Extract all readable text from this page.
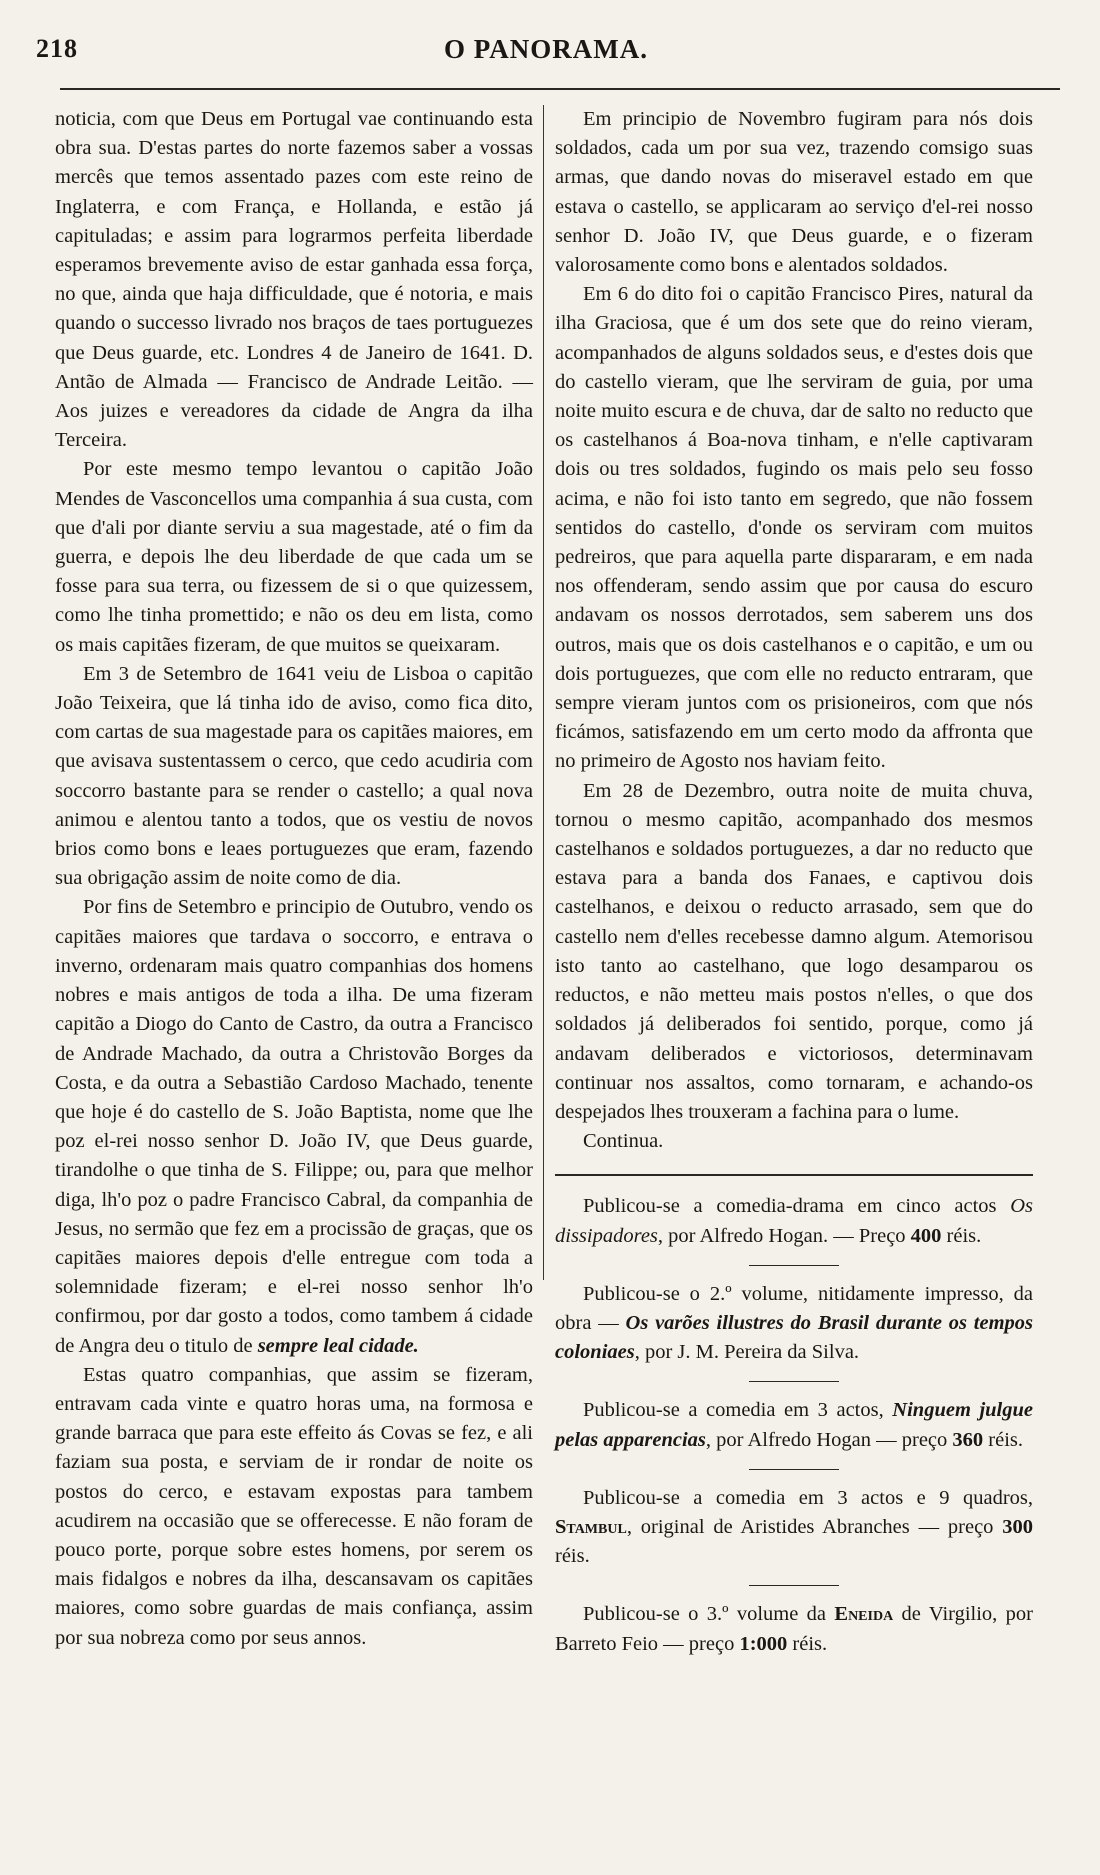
218	O PANORAMA.

noticia, com que Deus em Portugal vae continuando esta obra sua. D'estas partes do norte fazemos saber a vossas mercês que temos assentado pazes com este reino de Inglaterra, e com França, e Hollanda, e estão já capituladas; e assim para lograrmos perfeita liberdade esperamos brevemente aviso de estar ganhada essa força, no que, ainda que haja difficuldade, que é notoria, e mais quando o successo livrado nos braços de taes portuguezes que Deus guarde, etc. Londres 4 de Janeiro de 1641. D. Antão de Almada — Francisco de Andrade Leitão. — Aos juizes e vereadores da cidade de Angra da ilha Terceira.

Por este mesmo tempo levantou o capitão João Mendes de Vasconcellos uma companhia á sua custa, com que d'ali por diante serviu a sua magestade, até o fim da guerra, e depois lhe deu liberdade de que cada um se fosse para sua terra, ou fizessem de si o que quizessem, como lhe tinha promettido; e não os deu em lista, como os mais capitães fizeram, de que muitos se queixaram.

Em 3 de Setembro de 1641 veiu de Lisboa o capitão João Teixeira, que lá tinha ido de aviso, como fica dito, com cartas de sua magestade para os capitães maiores, em que avisava sustentassem o cerco, que cedo acudiria com soccorro bastante para se render o castello; a qual nova animou e alentou tanto a todos, que os vestiu de novos brios como bons e leaes portuguezes que eram, fazendo sua obrigação assim de noite como de dia.

Por fins de Setembro e principio de Outubro, vendo os capitães maiores que tardava o soccorro, e entrava o inverno, ordenaram mais quatro companhias dos homens nobres e mais antigos de toda a ilha. De uma fizeram capitão a Diogo do Canto de Castro, da outra a Francisco de Andrade Machado, da outra a Christovão Borges da Costa, e da outra a Sebastião Cardoso Machado, tenente que hoje é do castello de S. João Baptista, nome que lhe poz el-rei nosso senhor D. João IV, que Deus guarde, tirandolhe o que tinha de S. Filippe; ou, para que melhor diga, lh'o poz o padre Francisco Cabral, da companhia de Jesus, no sermão que fez em a procissão de graças, que os capitães maiores depois d'elle entregue com toda a solemnidade fizeram; e el-rei nosso senhor lh'o confirmou, por dar gosto a todos, como tambem á cidade de Angra deu o titulo de sempre leal cidade.

Estas quatro companhias, que assim se fizeram, entravam cada vinte e quatro horas uma, na formosa e grande barraca que para este effeito ás Covas se fez, e ali faziam sua posta, e serviam de ir rondar de noite os postos do cerco, e estavam expostas para tambem acudirem na occasião que se offerecesse. E não foram de pouco porte, porque sobre estes homens, por serem os mais fidalgos e nobres da ilha, descansavam os capitães maiores, como sobre guardas de mais confiança, assim por sua nobreza como por seus annos.

Em principio de Novembro fugiram para nós dois soldados, cada um por sua vez, trazendo comsigo suas armas, que dando novas do miseravel estado em que estava o castello, se applicaram ao serviço d'el-rei nosso senhor D. João IV, que Deus guarde, e o fizeram valorosamente como bons e alentados soldados.

Em 6 do dito foi o capitão Francisco Pires, natural da ilha Graciosa, que é um dos sete que do reino vieram, acompanhados de alguns soldados seus, e d'estes dois que do castello vieram, que lhe serviram de guia, por uma noite muito escura e de chuva, dar de salto no reducto que os castelhanos á Boa-nova tinham, e n'elle captivaram dois ou tres soldados, fugindo os mais pelo seu fosso acima, e não foi isto tanto em segredo, que não fossem sentidos do castello, d'onde os serviram com muitos pedreiros, que para aquella parte dispararam, e em nada nos offenderam, sendo assim que por causa do escuro andavam os nossos derrotados, sem saberem uns dos outros, mais que os dois castelhanos e o capitão, e um ou dois portuguezes, que com elle no reducto entraram, que sempre vieram juntos com os prisioneiros, com que nós ficámos, satisfazendo em um certo modo da affronta que no primeiro de Agosto nos haviam feito.

Em 28 de Dezembro, outra noite de muita chuva, tornou o mesmo capitão, acompanhado dos mesmos castelhanos e soldados portuguezes, a dar no reducto que estava para a banda dos Fanaes, e captivou dois castelhanos, e deixou o reducto arrasado, sem que do castello nem d'elles recebesse damno algum. Atemorisou isto tanto ao castelhano, que logo desamparou os reductos, e não metteu mais postos n'elles, o que dos soldados já deliberados foi sentido, porque, como já andavam deliberados e victoriosos, determinavam continuar nos assaltos, como tornaram, e achando-os despejados lhes trouxeram a fachina para o lume.

Continua.

Publicou-se a comedia-drama em cinco actos Os dissipadores, por Alfredo Hogan. — Preço 400 réis.

Publicou-se o 2.º volume, nitidamente impresso, da obra — Os varões illustres do Brasil durante os tempos coloniaes, por J. M. Pereira da Silva.

Publicou-se a comedia em 3 actos, Ninguem julgue pelas apparencias, por Alfredo Hogan — preço 360 réis.

Publicou-se a comedia em 3 actos e 9 quadros, Stambul, original de Aristides Abranches — preço 300 réis.

Publicou-se o 3.º volume da Eneida de Virgilio, por Barreto Feio — preço 1:000 réis.
